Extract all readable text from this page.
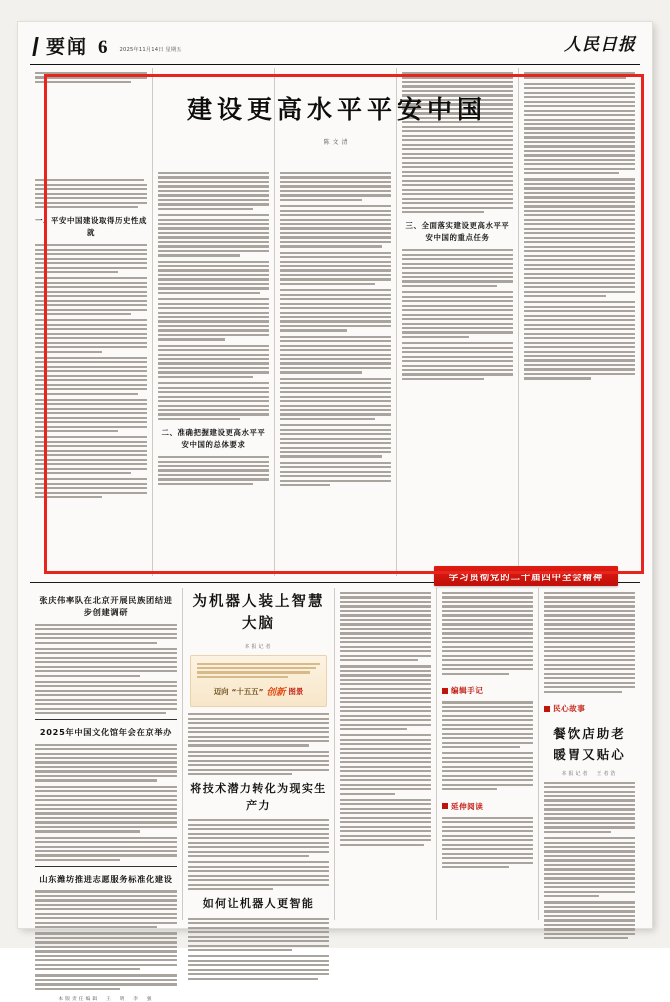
要闻 6 2025年11月14日 星期五	人民日报
一、平安中国建设取得历史性成就
二、准确把握建设更高水平平安中国的总体要求
三、全面落实建设更高水平平安中国的重点任务
建设更高水平平安中国
陈文清
学习贯彻党的二十届四中全会精神
张庆伟率队在北京开展民族团结进步创建调研
2025年中国文化馆年会在京举办
山东潍坊推进志愿服务标准化建设
本版责任编辑　王　明　李　强
为机器人装上智慧大脑
本报记者
迈向 “十五五” 创新 图景
将技术潜力转化为现实生产力
如何让机器人更智能
编辑手记
延伸阅读
民心故事
餐饮店助老
暖胃又贴心
本报记者　王者浩
